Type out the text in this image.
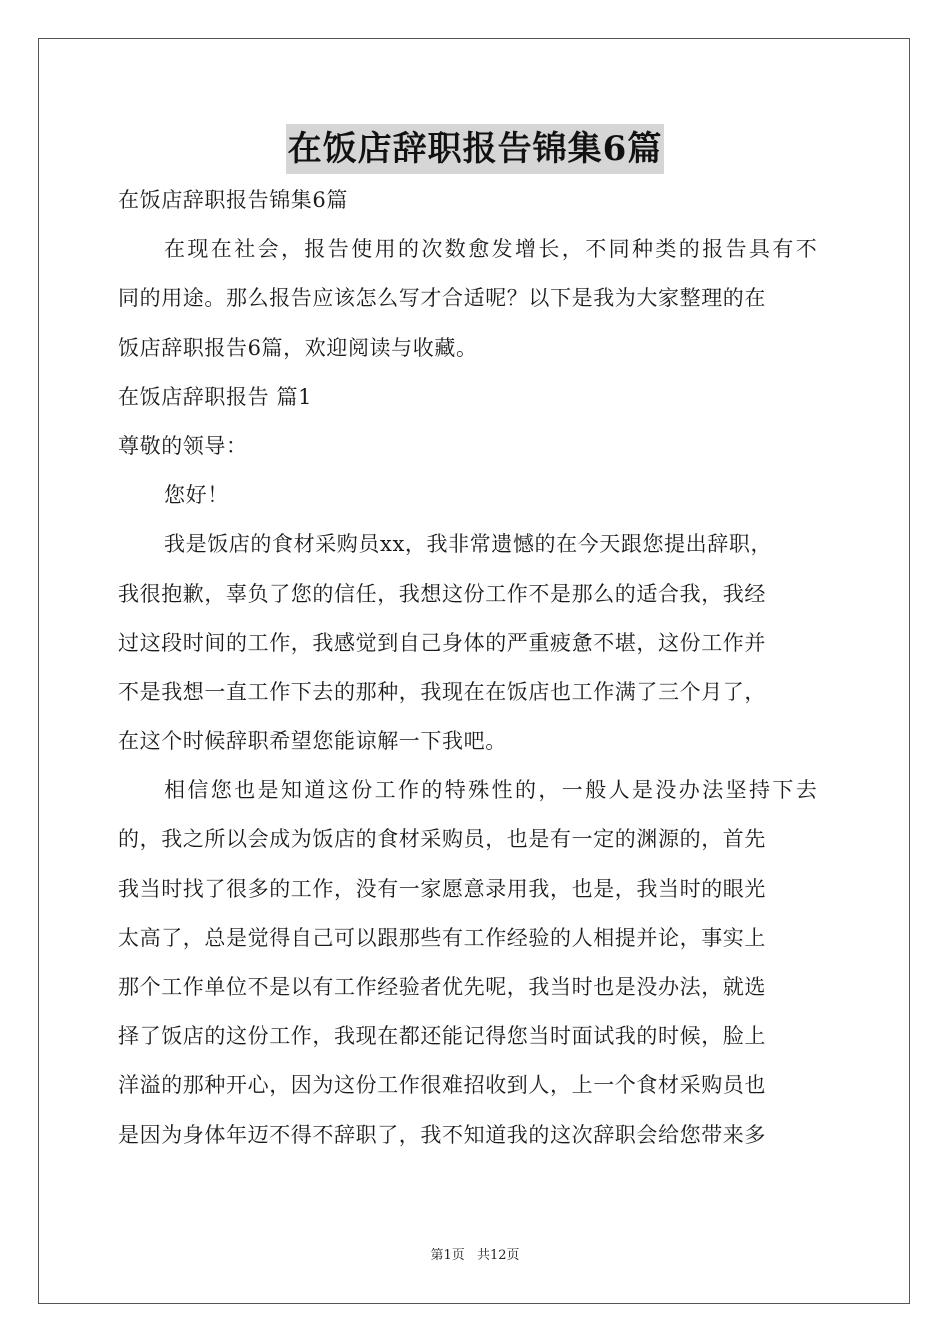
在饭店辞职报告锦集6篇

在饭店辞职报告锦集6篇

在现在社会，报告使用的次数愈发增长，不同种类的报告具有不

同的用途。那么报告应该怎么写才合适呢？以下是我为大家整理的在

饭店辞职报告6篇，欢迎阅读与收藏。

在饭店辞职报告 篇1

尊敬的领导：

您好！

我是饭店的食材采购员xx，我非常遗憾的在今天跟您提出辞职，

我很抱歉，辜负了您的信任，我想这份工作不是那么的适合我，我经

过这段时间的工作，我感觉到自己身体的严重疲惫不堪，这份工作并

不是我想一直工作下去的那种，我现在在饭店也工作满了三个月了，

在这个时候辞职希望您能谅解一下我吧。

相信您也是知道这份工作的特殊性的，一般人是没办法坚持下去

的，我之所以会成为饭店的食材采购员，也是有一定的渊源的，首先

我当时找了很多的工作，没有一家愿意录用我，也是，我当时的眼光

太高了，总是觉得自己可以跟那些有工作经验的人相提并论，事实上

那个工作单位不是以有工作经验者优先呢，我当时也是没办法，就选

择了饭店的这份工作，我现在都还能记得您当时面试我的时候，脸上

洋溢的那种开心，因为这份工作很难招收到人，上一个食材采购员也

是因为身体年迈不得不辞职了，我不知道我的这次辞职会给您带来多

第1页 共12页
